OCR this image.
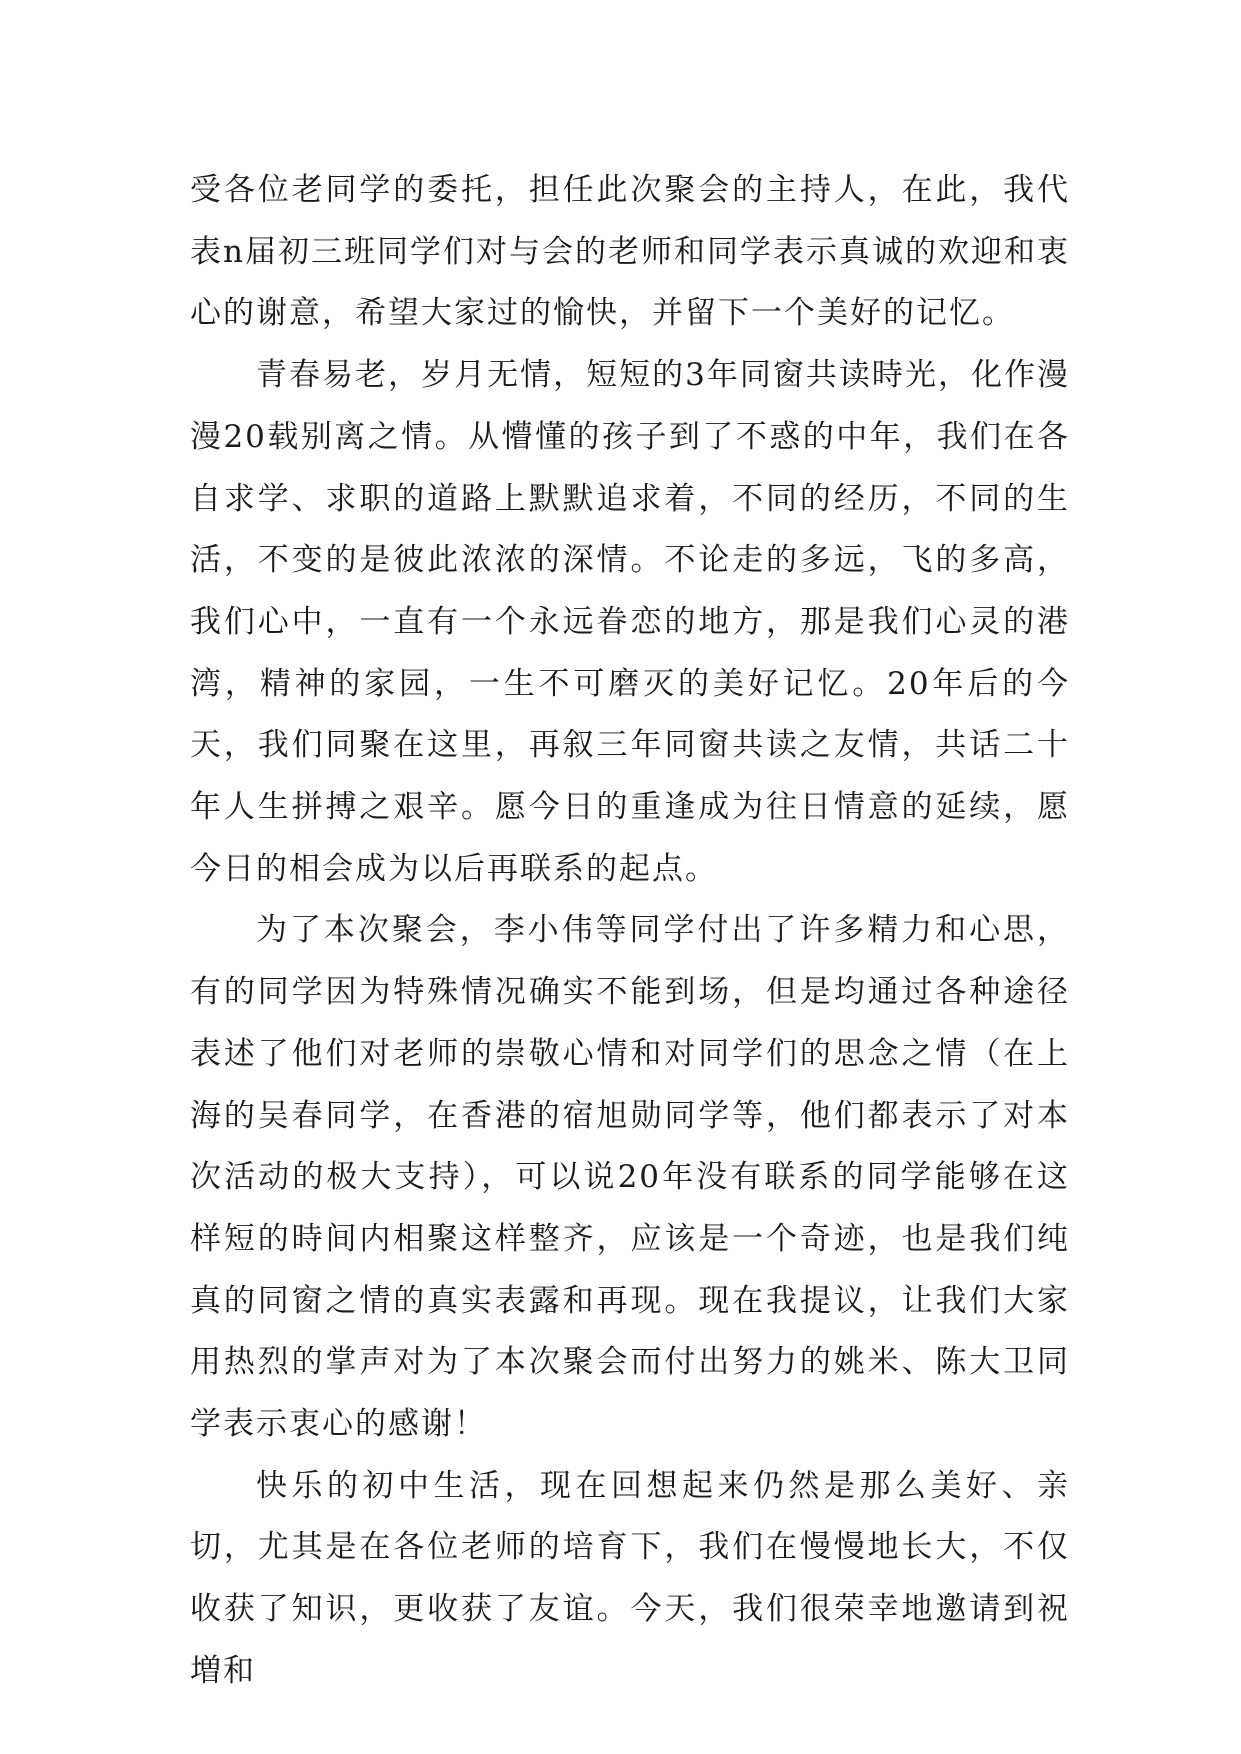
受各位老同学的委托，担任此次聚会的主持人，在此，我代表n届初三班同学们对与会的老师和同学表示真诚的欢迎和衷心的谢意，希望大家过的愉快，并留下一个美好的记忆。

青春易老，岁月无情，短短的3年同窗共读時光，化作漫漫20载别离之情。从懵懂的孩子到了不惑的中年，我们在各自求学、求职的道路上默默追求着，不同的经历，不同的生活，不变的是彼此浓浓的深情。不论走的多远，飞的多高，我们心中，一直有一个永远眷恋的地方，那是我们心灵的港湾，精神的家园，一生不可磨灭的美好记忆。20年后的今天，我们同聚在这里，再叙三年同窗共读之友情，共话二十年人生拼搏之艰辛。愿今日的重逢成为往日情意的延续，愿今日的相会成为以后再联系的起点。

为了本次聚会，李小伟等同学付出了许多精力和心思，有的同学因为特殊情况确实不能到场，但是均通过各种途径表述了他们对老师的崇敬心情和对同学们的思念之情（在上海的吴春同学，在香港的宿旭勋同学等，他们都表示了对本次活动的极大支持），可以说20年没有联系的同学能够在这样短的時间内相聚这样整齐，应该是一个奇迹，也是我们纯真的同窗之情的真实表露和再现。现在我提议，让我们大家用热烈的掌声对为了本次聚会而付出努力的姚米、陈大卫同学表示衷心的感谢！

快乐的初中生活，现在回想起来仍然是那么美好、亲切，尤其是在各位老师的培育下，我们在慢慢地长大，不仅收获了知识，更收获了友谊。今天，我们很荣幸地邀请到祝増和
